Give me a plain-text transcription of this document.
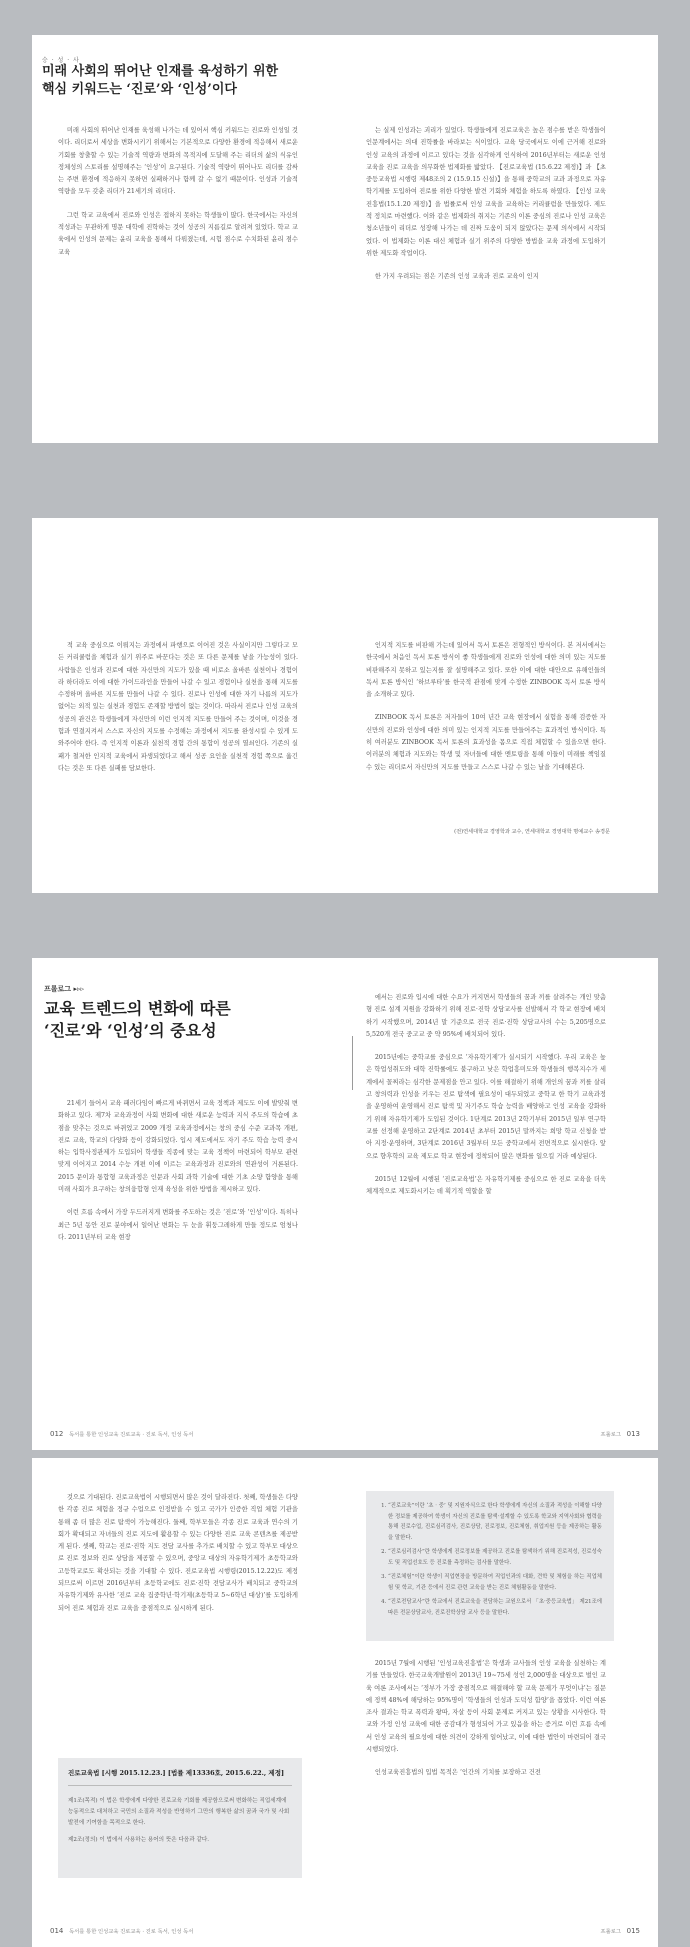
승 · 성 · 사
미래 사회의 뛰어난 인재를 육성하기 위한
핵심 키워드는 ‘진로’와 ‘인성’이다

미래 사회의 뛰어난 인재를 육성해 나가는 데 있어서 핵심 키워드는 진로와 인성일 것이다. 리더로서 세상을 변화시키기 위해서는 기본적으로 다양한 환경에 적응해서 새로운 기회를 창출할 수 있는 기술적 역량과 변화의 목적지에 도달해 주는 리더의 삶의 식유인 정체성의 스토리를 설명해주는 ‘인성’이 요구된다. 기술적 역량이 뛰어나도 리더를 감싸는 주변 환경에 적응하지 못하면 실패하거나 함께 갈 수 없기 때문이다. 인성과 기술적 역량을 모두 갖춘 리더가 21세기의 리더다.

그런 학교 교육에서 진로와 인성은 접하지 못하는 학생들이 많다. 한국에서는 자신의 적성과는 무관하게 명문 대학에 진학하는 것이 성공의 지름길로 알려져 있었다. 학교 교육에서 인성의 문제는 윤리 교육을 통해서 다뤄졌는데, 시험 점수로 수치화된 윤리 점수 교육

는 실제 인성과는 괴리가 있었다. 학생들에게 진로교육은 높은 점수를 받은 학생들이 인문계에서는 의대 진학률을 바라보는 식이었다. 교육 당국에서도 이에 근거해 진로와 인성 교육의 과정에 이르고 있다는 것을 심각하게 인식하여 2016년부터는 새로운 인성 교육을 진로 교육을 의무화한 법제화를 밟았다. 【진로교육법 (15.6.22 제정)】과 【초중등교육법 시행령 제48조의 2 (15.9.15 신설)】을 통해 중학교의 교과 과정으로 자유학기제를 도입하여 진로를 위한 다양한 발견 기회와 체험을 하도록 하였다. 【인성 교육 진흥법(15.1.20 제정)】을 법률로써 인성 교육을 교육하는 커리큘럼을 만들었다. 제도적 정치로 마련했다. 이와 같은 법제화의 취지는 기존의 이론 중심의 진로나 인성 교육은 청소년들이 리더로 성장해 나가는 데 진짜 도움이 되지 않았다는 문제 의식에서 시작되었다. 이 법제화는 이론 대신 체험과 실기 위주의 다양한 방법을 교육 과정에 도입하기 위한 제도화 작업이다.

한 가지 우려되는 점은 기존의 인성 교육과 진로 교육이 인지

적 교육 중심으로 이뤄지는 과정에서 파행으로 이어진 것은 사실이지만 그렇다고 모든 커리큘럼을 체험과 실기 위주로 바꾼다는 것은 또 다른 문제를 낳을 가능성이 있다. 사람들은 인성과 진로에 대한 자신만의 지도가 있을 때 비로소 올바른 실천이나 경험이라 하더라도 이에 대한 가이드라인을 만들어 나갈 수 있고 경험이나 실천을 통해 지도를 수정하며 올바른 지도를 만들어 나갈 수 있다. 진로나 인성에 대한 자기 나름의 지도가 없어는 외적 있는 실천과 경험도 존재할 방법이 없는 것이다. 따라서 진로나 인성 교육의 성공의 관건은 학생들에게 자신만의 이런 인지적 지도를 만들어 주는 것이며, 이것을 경험과 연결지켜서 스스로 자신의 지도를 수정해는 과정에서 지도를 완성시킬 수 있게 도와주어야 한다. 즉 인지적 이론과 실천적 경험 간의 통합이 성공의 열쇠인다. 기존의 실패가 철저한 인지적 교육에서 파생되었다고 해서 성공 요인을 실천적 경험 쪽으로 옮긴다는 것은 또 다른 실패를 담보한다.

인지적 지도를 비판해 가는데 있어서 독서 토론은 전형적인 방식이다. 본 저서에서는 한국에서 처음인 독서 토론 방식이 좋 학생들에게 진로와 인성에 대한 의미 있는 지도를 비판해주지 못하고 있는지를 잘 설명해주고 있다. 또한 이에 대한 대안으로 유해인들의 독서 토론 방식인 ‘하브루타’를 한국적 관점에 맞게 수정한 ZINBOOK 독서 토론 방식을 소개하고 있다.

ZINBOOK 독서 토론은 저자들이 10여 년간 교육 현장에서 실험을 통해 검증한 자신만의 진로와 인성에 대한 의미 있는 인지적 지도를 만들어주는 효과적인 방식이다. 특히 여러분도 ZINBOOK 독서 토론의 효과성을 몸으로 직접 체험할 수 있을으면 한다. 이러분의 체험과 지도와는 학생 및 자녀들에 대한 멘토링을 통해 이들이 미래를 책임질 수 있는 리더로서 자신만의 지도를 만들고 스스로 나갈 수 있는 날을 기대해본다.

(전)연세대학교 경영학과 교수, 연세대학교 경영대학 명예교수 송경문
프롤로그 ▸▹▹
교육 트렌드의 변화에 따른
‘진로’와 ‘인성’의 중요성

21세기 들어서 교육 패러다임이 빠르게 바뀌면서 교육 정책과 제도도 이에 발맞춰 변화하고 있다. 제7차 교육과정이 사회 변화에 대한 새로운 능력과 지식 주도의 학습에 초점을 맞추는 것으로 바뀌었고 2009 개정 교육과정에서는 창의 중심 수준 교과목 개편, 진로 교육, 학교의 다양화 등이 강화되었다. 입시 제도에서도 자기 주도 학습 능력 중시하는 입학사정관제가 도입되어 학생들 직종에 맞는 교육 정책이 마련되어 학부모 관련 맞게 이어지고 2014 수능 개편 이에 이르는 교육과정과 진로와의 연관성이 거론된다. 2015 문이과 통합형 교육과정은 인문과 사회 과학 기술에 대한 기초 소양 함양을 통해 미래 사회가 요구하는 창의융합형 인재 육성을 위한 방법을 제시하고 있다.

이런 흐름 속에서 가장 두드러지게 변화를 주도하는 것은 ‘진로’와 ‘인성’이다. 특히나 최근 5년 동안 진로 분야에서 일어난 변화는 두 눈을 휘둥그레하게 만들 정도로 엄청나다. 2011년부터 교육 현장

에서는 진로와 입시에 대한 수요가 커지면서 학생들의 꿈과 끼를 살려주는 개인 맞춤형 진로 설계 지원을 강화하기 위해 진로·진학 상담교사를 선발해서 각 학교 현장에 배치하기 시작했으며, 2014년 말 기준으로 전국 진로·진학 상담교사의 수는 5,205명으로 5,520개 전국 중고교 중 약 95%에 배치되어 있다.

2015년에는 중학교를 중심으로 ‘자유학기제’가 실시되기 시작했다. 우리 교육은 높은 학업성취도와 대학 진학률에도 불구하고 낮은 학업흥미도와 학생들의 행복지수가 세계에서 꼴찌라는 심각한 문제점을 안고 있다. 이를 해결하기 위해 개인의 꿈과 끼를 살리고 창의력과 인성을 키우는 진로 탐색에 필요성이 대두되었고 중학교 한 학기 교육과정을 운영하여 운영해서 진로 탐색 및 자기주도 학습 능력을 배양하고 인성 교육을 강화하기 위해 자유학기제가 도입된 것이다. 1단계로 2013년 2학기부터 2015년 일부 연구학교를 선정해 운영하고 2단계로 2014년 초부터 2015년 말까지는 희망 학교 신청을 받아 지정·운영하며, 3단계로 2016년 3월부터 모든 중학교에서 전면적으로 실시한다. 앞으로 향후학의 교육 제도로 학교 현장에 정착되어 많은 변화를 일으킬 거라 예상된다.

2015년 12월에 시행된 ‘진로교육법’은 자유학기제를 중심으로 한 진로 교육을 더욱 체계적으로 제도화시키는 데 획기적 역할을 할

012 독서를 통한 인성교육 진로교육 · 진로 독서, 인성 독서	프롤로그 013

것으로 기대된다. 진로교육법이 시행되면서 많은 것이 달라진다. 첫째, 학생들은 다양한 각종 진로 체험을 정규 수업으로 인정받을 수 있고 국가가 인증한 직업 체험 기관을 통해 좀 더 많은 진로 탐색이 가능해진다. 둘째, 학부모들은 각종 진로 교육과 연수의 기회가 확대되고 자녀들의 진로 지도에 활용할 수 있는 다양한 진로 교육 콘텐츠를 제공받게 된다. 셋째, 학교는 진로·진학 지도 전담 교사를 추가로 배치할 수 있고 학부모 대상으로 진로 정보와 진로 상담을 제공할 수 있으며, 중앙교 대상의 자유학기제가 초등학교와 고등학교로도 확산되는 것을 기대할 수 있다. 진로교육법 시행령(2015.12.22)도 제정되므로써 이르면 2016년부터 초등학교에도 진로·진학 전담교사가 배치되고 중학교의 자유학기제와 유사한 ‘진로 교육 집중학년·학기제(초등학교 5~6학년 대상)’를 도입하게 되어 진로 체험과 진로 교육을 중점적으로 실시하게 된다.

진로교육법 [시행 2015.12.23.] [법률 제13336호, 2015.6.22., 제정]

제1조(목적) 이 법은 학생에게 다양한 진로교육 기회를 제공함으로써 변화하는 직업세계에 능동적으로 대처하고 국민의 소질과 적성을 반영하기 그만의 행복한 삶의 꿈과 국가 및 사회 발전에 기여함을 목적으로 한다.

제2조(정의) 이 법에서 사용하는 용어의 뜻은 다음과 같다.

1. “진로교육”이란 ‘초‧중’ 및 지원자식으로 한다 학생에게 자신의 소질과 적성을 이해할 다양한 정보를 제공하여 학생이 자신의 진로를 탐색·설계할 수 있도록 학교와 지역사회와 협력을 통해 진로수업, 진로심리검사, 진로상담, 진로정보, 진로체험, 취업지원 등을 제공하는 활동을 말한다.
2. “진로심리검사”란 학생에게 진로정보를 제공하고 진로를 탐색하기 위해 진로적성, 진로성숙도 및 직업선호도 등 진로를 측정하는 검사를 말한다.
3. “진로체험”이란 학생이 직업현장을 방문하여 직업인과의 대화, 견학 및 체험을 하는 직업체험 및 학교, 기관 등에서 진로 관련 교육을 받는 진로 체험활동을 말한다.
4. “진로전담교사”란 학교에서 진로교육을 전담하는 교원으로서 「초·중등교육법」 제21조에 따른 전문상담교사, 진로진학상담 교사 등을 말한다.

2015년 7월에 시행된 ‘인성교육진흥법’은 학생과 교사들의 인성 교육을 실천하는 계기를 만들었다. 한국교육개발원이 2013년 19~75세 성인 2,000명을 대상으로 벌인 교육 여론 조사에서는 ‘정부가 가장 중점적으로 해결해야 할 교육 문제가 무엇이냐’는 질문에 정책 48%에 해당하는 95%명이 ‘학생들의 인성과 도덕성 함양’을 꼽았다. 이런 여론 조사 결과는 학교 폭력과 왕따, 자살 등이 사회 문제로 커지고 있는 상황을 시사한다. 학교와 가정 인성 교육에 대한 공감대가 형성되어 가고 있음을 하는 증거로 이런 흐름 속에서 인성 교육의 필요성에 대한 의견이 강하게 일어났고, 이에 대한 법안이 마련되어 결국 시행되었다.

인성교육진흥법의 입법 목적은 ‘인간의 기치를 보장하고 건전

014 독서를 통한 인성교육 진로교육 · 진로 독서, 인성 독서	프롤로그 015
